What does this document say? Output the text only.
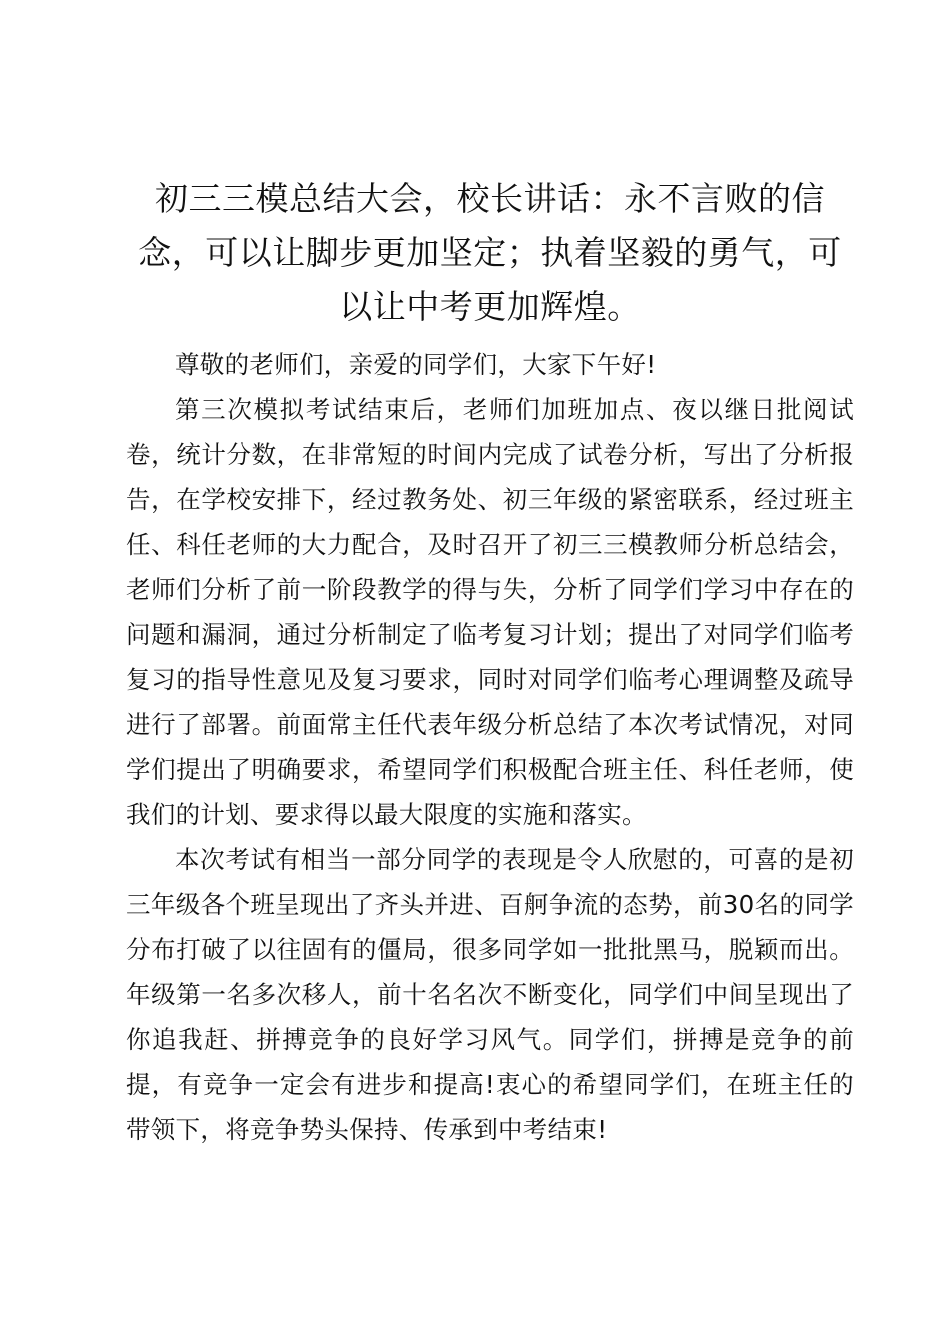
初三三模总结大会，校长讲话：永不言败的信念，可以让脚步更加坚定；执着坚毅的勇气，可以让中考更加辉煌。

尊敬的老师们，亲爱的同学们，大家下午好!

第三次模拟考试结束后，老师们加班加点、夜以继日批阅试卷，统计分数，在非常短的时间内完成了试卷分析，写出了分析报告，在学校安排下，经过教务处、初三年级的紧密联系，经过班主任、科任老师的大力配合，及时召开了初三三模教师分析总结会，老师们分析了前一阶段教学的得与失，分析了同学们学习中存在的问题和漏洞，通过分析制定了临考复习计划；提出了对同学们临考复习的指导性意见及复习要求，同时对同学们临考心理调整及疏导进行了部署。前面常主任代表年级分析总结了本次考试情况，对同学们提出了明确要求，希望同学们积极配合班主任、科任老师，使我们的计划、要求得以最大限度的实施和落实。

本次考试有相当一部分同学的表现是令人欣慰的，可喜的是初三年级各个班呈现出了齐头并进、百舸争流的态势，前30名的同学分布打破了以往固有的僵局，很多同学如一批批黑马，脱颖而出。年级第一名多次移人，前十名名次不断变化，同学们中间呈现出了你追我赶、拼搏竞争的良好学习风气。同学们，拼搏是竞争的前提，有竞争一定会有进步和提高!衷心的希望同学们，在班主任的带领下，将竞争势头保持、传承到中考结束!
